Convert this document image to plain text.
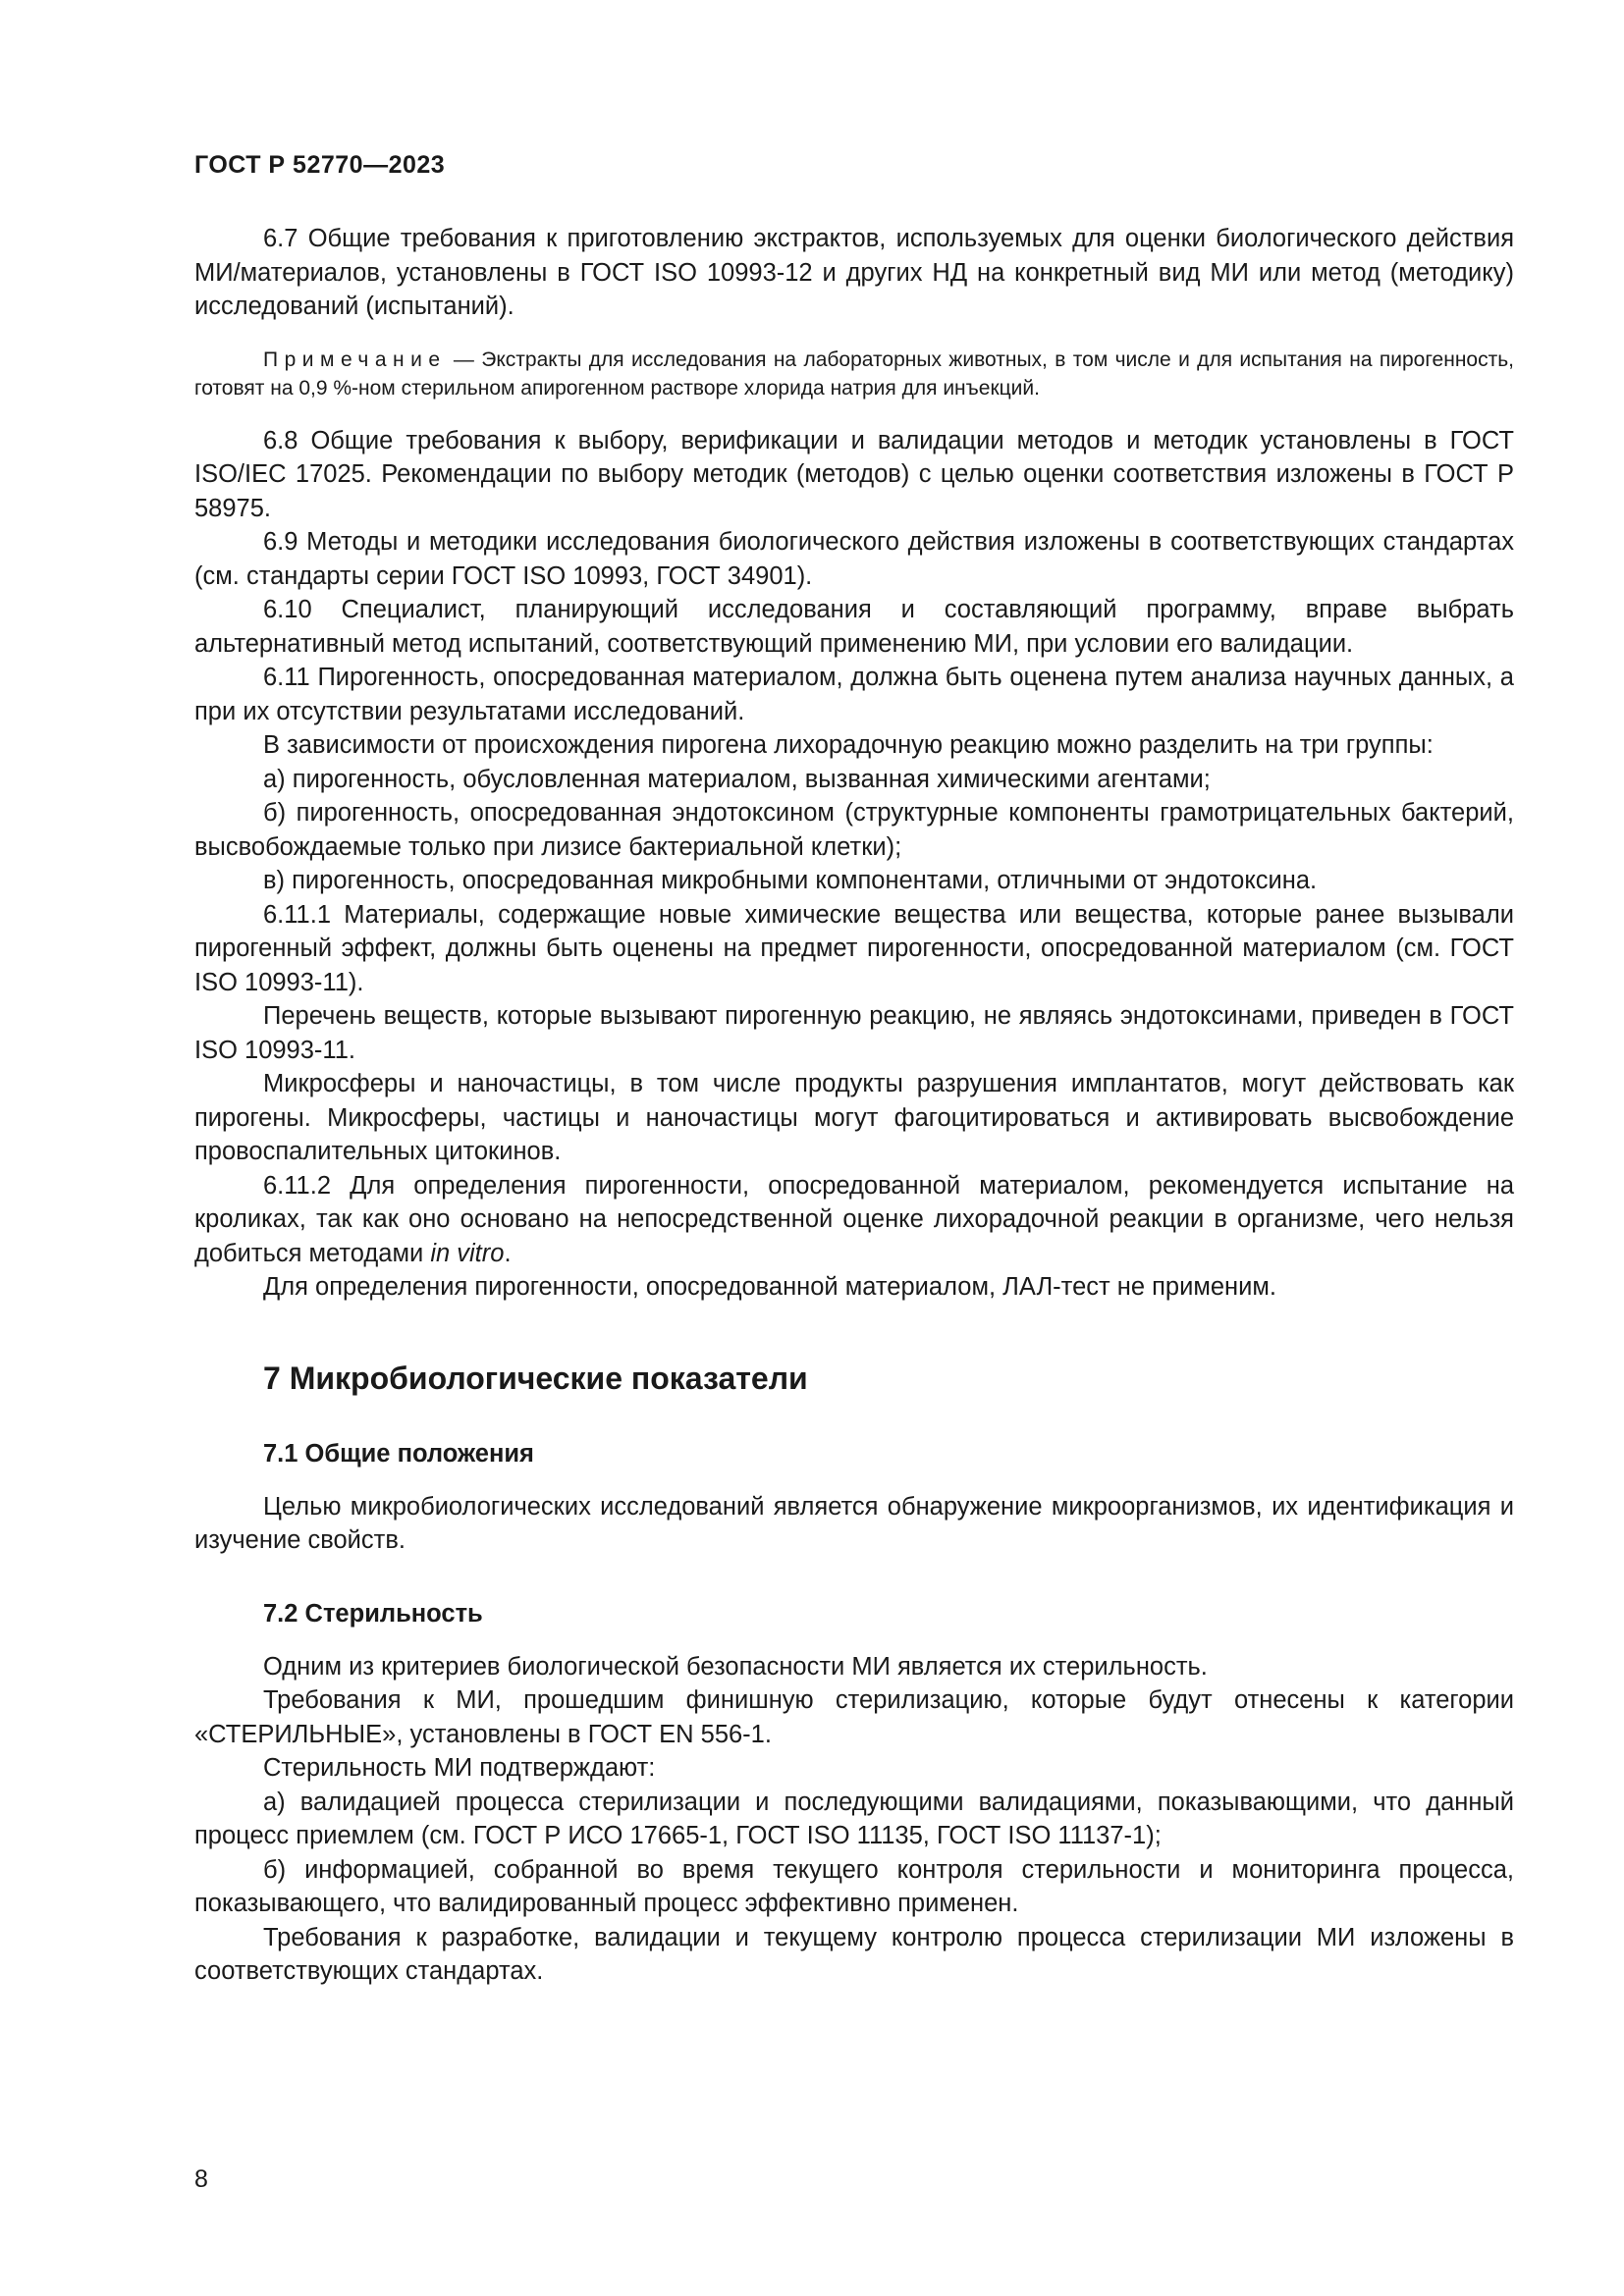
ГОСТ Р 52770—2023

6.7 Общие требования к приготовлению экстрактов, используемых для оценки биологического действия МИ/материалов, установлены в ГОСТ ISO 10993-12 и других НД на конкретный вид МИ или метод (методику) исследований (испытаний).

Примечание — Экстракты для исследования на лабораторных животных, в том числе и для испытания на пирогенность, готовят на 0,9 %-ном стерильном апирогенном растворе хлорида натрия для инъекций.

6.8 Общие требования к выбору, верификации и валидации методов и методик установлены в ГОСТ ISO/IEC 17025. Рекомендации по выбору методик (методов) с целью оценки соответствия изложены в ГОСТ Р 58975.

6.9 Методы и методики исследования биологического действия изложены в соответствующих стандартах (см. стандарты серии ГОСТ ISO 10993, ГОСТ 34901).

6.10 Специалист, планирующий исследования и составляющий программу, вправе выбрать альтернативный метод испытаний, соответствующий применению МИ, при условии его валидации.

6.11 Пирогенность, опосредованная материалом, должна быть оценена путем анализа научных данных, а при их отсутствии результатами исследований.

В зависимости от происхождения пирогена лихорадочную реакцию можно разделить на три группы:

а) пирогенность, обусловленная материалом, вызванная химическими агентами;

б) пирогенность, опосредованная эндотоксином (структурные компоненты грамотрицательных бактерий, высвобождаемые только при лизисе бактериальной клетки);

в) пирогенность, опосредованная микробными компонентами, отличными от эндотоксина.

6.11.1 Материалы, содержащие новые химические вещества или вещества, которые ранее вызывали пирогенный эффект, должны быть оценены на предмет пирогенности, опосредованной материалом (см. ГОСТ ISO 10993-11).

Перечень веществ, которые вызывают пирогенную реакцию, не являясь эндотоксинами, приведен в ГОСТ ISO 10993-11.

Микросферы и наночастицы, в том числе продукты разрушения имплантатов, могут действовать как пирогены. Микросферы, частицы и наночастицы могут фагоцитироваться и активировать высвобождение провоспалительных цитокинов.

6.11.2 Для определения пирогенности, опосредованной материалом, рекомендуется испытание на кроликах, так как оно основано на непосредственной оценке лихорадочной реакции в организме, чего нельзя добиться методами in vitro.

Для определения пирогенности, опосредованной материалом, ЛАЛ-тест не применим.

7 Микробиологические показатели
7.1 Общие положения

Целью микробиологических исследований является обнаружение микроорганизмов, их идентификация и изучение свойств.

7.2 Стерильность

Одним из критериев биологической безопасности МИ является их стерильность.

Требования к МИ, прошедшим финишную стерилизацию, которые будут отнесены к категории «СТЕРИЛЬНЫЕ», установлены в ГОСТ EN 556-1.

Стерильность МИ подтверждают:

а) валидацией процесса стерилизации и последующими валидациями, показывающими, что данный процесс приемлем (см. ГОСТ Р ИСО 17665-1, ГОСТ ISO 11135, ГОСТ ISO 11137-1);

б) информацией, собранной во время текущего контроля стерильности и мониторинга процесса, показывающего, что валидированный процесс эффективно применен.

Требования к разработке, валидации и текущему контролю процесса стерилизации МИ изложены в соответствующих стандартах.

8
